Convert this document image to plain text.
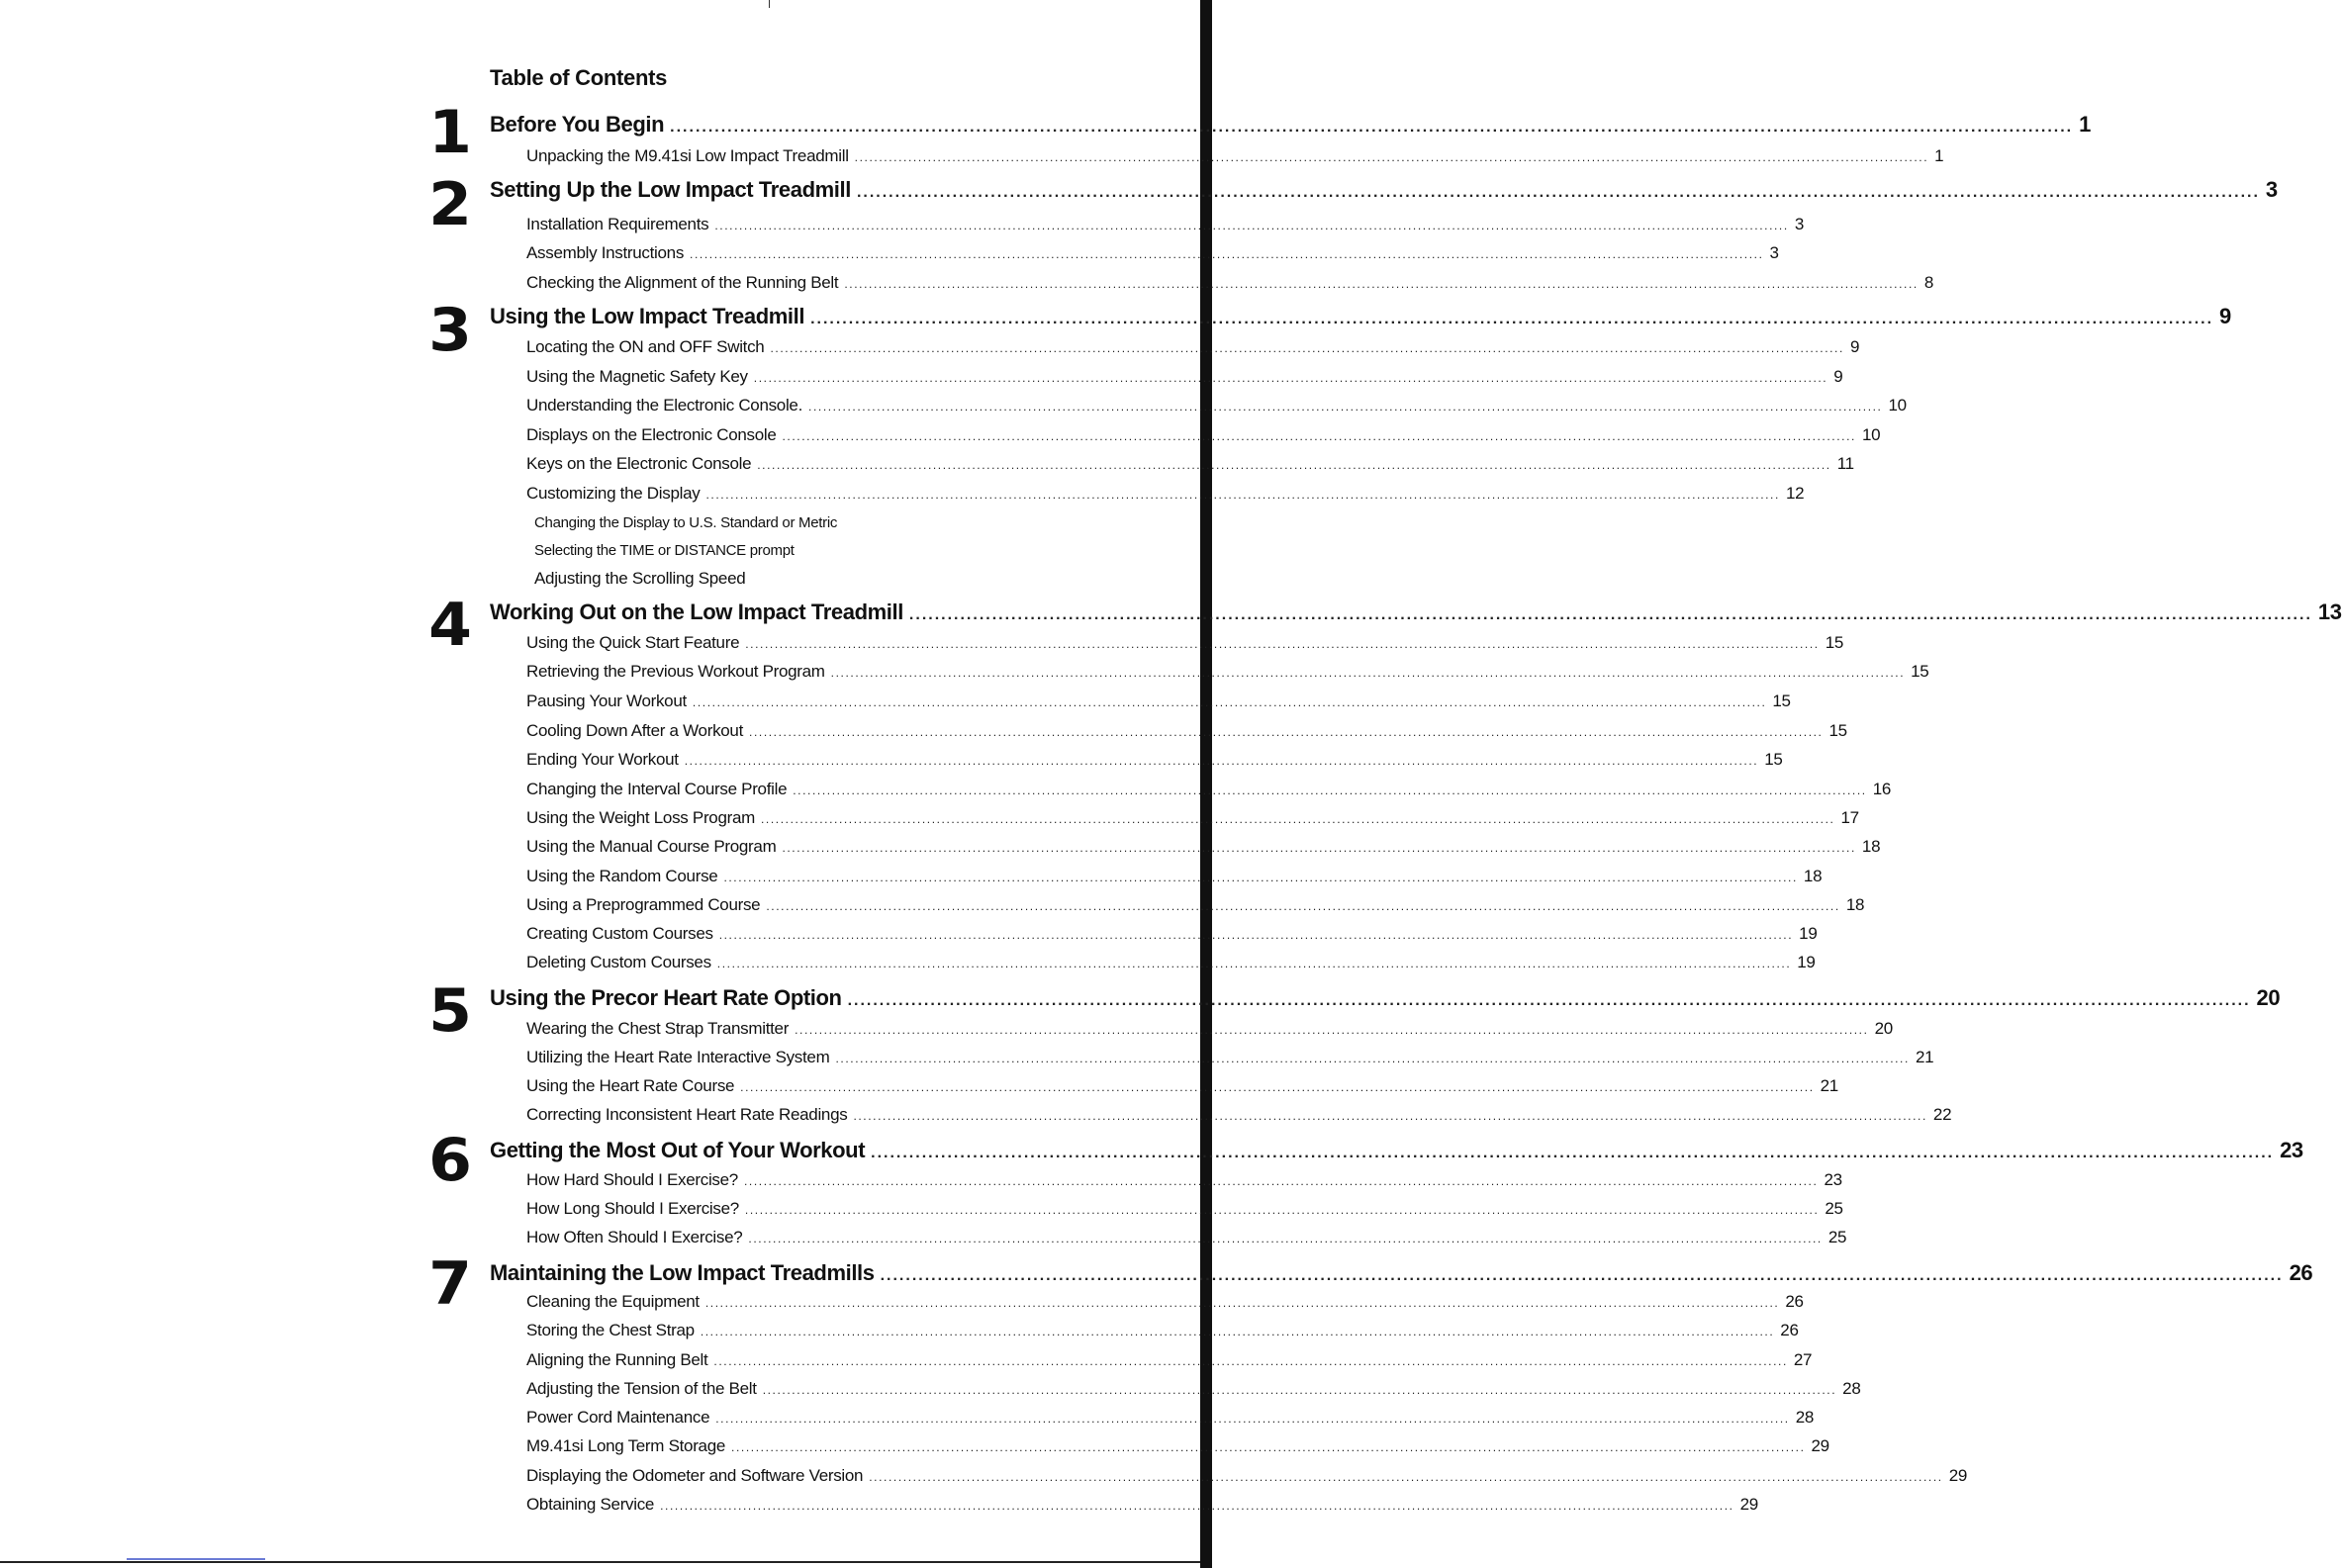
Table of Contents
1 Before You Begin ............................................................................................................................................................................................................................ 1
Unpacking the M9.41si Low Impact Treadmill ............................................................................................................................................................................................................................ 1
2 Setting Up the Low Impact Treadmill ............................................................................................................................................................................................................................ 3
Installation Requirements ............................................................................................................................................................................................................................ 3
Assembly Instructions ............................................................................................................................................................................................................................ 3
Checking the Alignment of the Running Belt ............................................................................................................................................................................................................................ 8
3 Using the Low Impact Treadmill ............................................................................................................................................................................................................................ 9
Locating the ON and OFF Switch ............................................................................................................................................................................................................................ 9
Using the Magnetic Safety Key ............................................................................................................................................................................................................................ 9
Understanding the Electronic Console. ............................................................................................................................................................................................................................ 10
Displays on the Electronic Console ............................................................................................................................................................................................................................ 10
Keys on the Electronic Console ............................................................................................................................................................................................................................ 11
Customizing the Display ............................................................................................................................................................................................................................ 12
Changing the Display to U.S. Standard or Metric
Selecting the TIME or DISTANCE prompt
Adjusting the Scrolling Speed
4 Working Out on the Low Impact Treadmill ............................................................................................................................................................................................................................ 13
Using the Quick Start Feature ............................................................................................................................................................................................................................ 15
Retrieving the Previous Workout Program ............................................................................................................................................................................................................................ 15
Pausing Your Workout ............................................................................................................................................................................................................................ 15
Cooling Down After a Workout ............................................................................................................................................................................................................................ 15
Ending Your Workout ............................................................................................................................................................................................................................ 15
Changing the Interval Course Profile ............................................................................................................................................................................................................................ 16
Using the Weight Loss Program ............................................................................................................................................................................................................................ 17
Using the Manual Course Program ............................................................................................................................................................................................................................ 18
Using the Random Course ............................................................................................................................................................................................................................ 18
Using a Preprogrammed Course ............................................................................................................................................................................................................................ 18
Creating Custom Courses ............................................................................................................................................................................................................................ 19
Deleting Custom Courses ............................................................................................................................................................................................................................ 19
5 Using the Precor Heart Rate Option ............................................................................................................................................................................................................................ 20
Wearing the Chest Strap Transmitter ............................................................................................................................................................................................................................ 20
Utilizing the Heart Rate Interactive System ............................................................................................................................................................................................................................ 21
Using the Heart Rate Course ............................................................................................................................................................................................................................ 21
Correcting Inconsistent Heart Rate Readings ............................................................................................................................................................................................................................ 22
6 Getting the Most Out of Your Workout ............................................................................................................................................................................................................................ 23
How Hard Should I Exercise? ............................................................................................................................................................................................................................ 23
How Long Should I Exercise? ............................................................................................................................................................................................................................ 25
How Often Should I Exercise? ............................................................................................................................................................................................................................ 25
7 Maintaining the Low Impact Treadmills ............................................................................................................................................................................................................................ 26
Cleaning the Equipment ............................................................................................................................................................................................................................ 26
Storing the Chest Strap ............................................................................................................................................................................................................................ 26
Aligning the Running Belt ............................................................................................................................................................................................................................ 27
Adjusting the Tension of the Belt ............................................................................................................................................................................................................................ 28
Power Cord Maintenance ............................................................................................................................................................................................................................ 28
M9.41si Long Term Storage ............................................................................................................................................................................................................................ 29
Displaying the Odometer and Software Version ............................................................................................................................................................................................................................ 29
Obtaining Service ............................................................................................................................................................................................................................ 29
